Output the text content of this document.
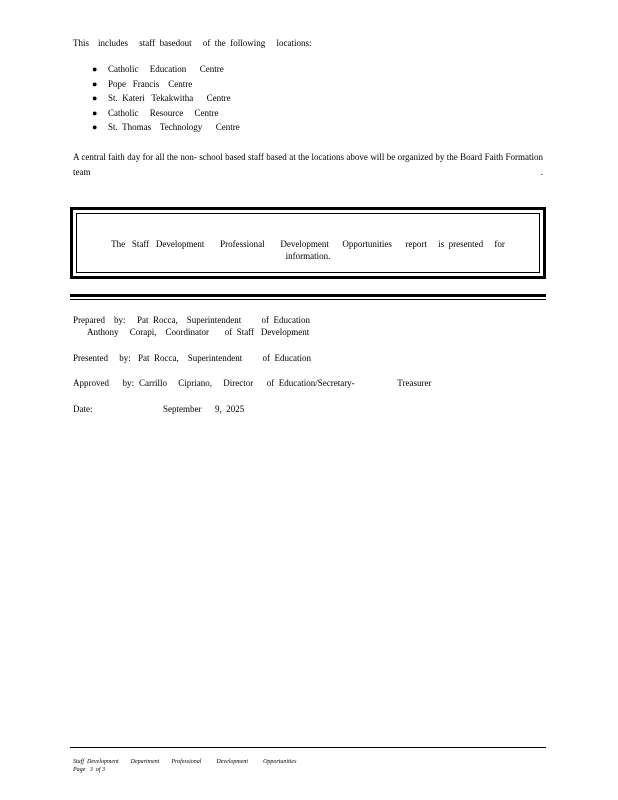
This    includes     staff  basedout     of  the  following     locations:

●

Catholic     Education      Centre

●

Pope   Francis    Centre

●

St.  Kateri   Tekakwitha      Centre

●

Catholic     Resource     Centre

●

St.  Thomas    Technology      Centre

A central faith day for all the non- school based staff based at the locations above will be organized by the Board Faith Formation team .
The   Staff   Development       Professional       Development      Opportunities      report     is  presented     for
information.
Prepared    by: Pat  Rocca,    Superintendent         of  Education
Anthony     Corapi,    Coordinator       of  Staff   Development
Presented     by: Pat  Rocca,    Superintendent         of  Education
Approved      by: Carrillo     Cipriano,     Director      of  Education/Secretary-                   Treasurer
Date:	September      9,  2025
Staff  Development        Department        Professional          Development          Opportunities
Page   3  of 3
